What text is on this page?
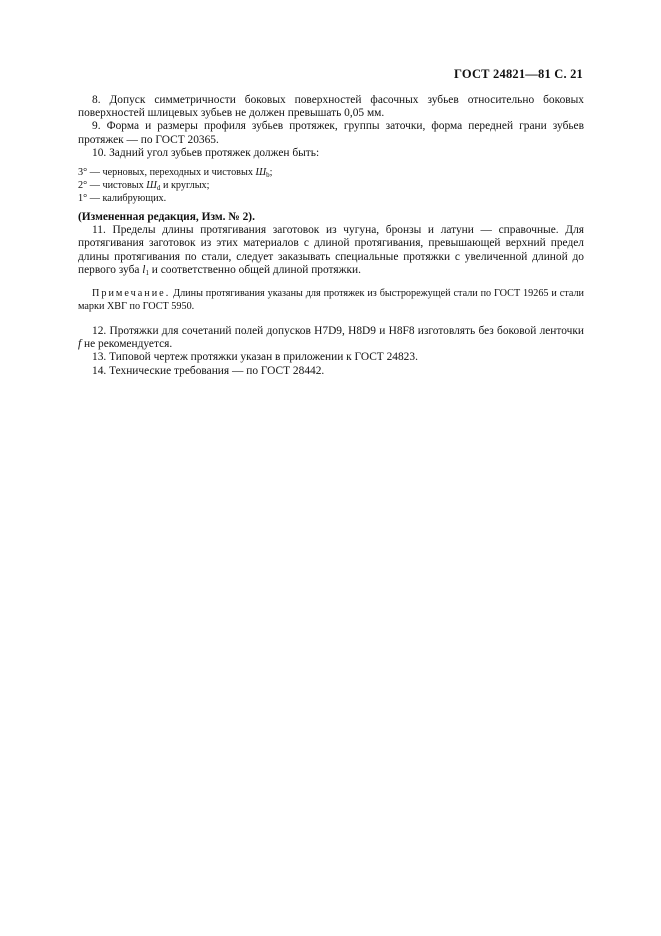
ГОСТ 24821—81 С. 21

8. Допуск симметричности боковых поверхностей фасочных зубьев относительно боковых поверхностей шлицевых зубьев не должен превышать 0,05 мм.

9. Форма и размеры профиля зубьев протяжек, группы заточки, форма передней грани зубьев протяжек — по ГОСТ 20365.

10. Задний угол зубьев протяжек должен быть:

3° — черновых, переходных и чистовых $Ш_b$;

2° — чистовых $Ш_d$ и круглых;

1° — калибрующих.

(Измененная редакция, Изм. № 2).

11. Пределы длины протягивания заготовок из чугуна, бронзы и латуни — справочные. Для протягивания заготовок из этих материалов с длиной протягивания, превышающей верхний предел длины протягивания по стали, следует заказывать специальные протяжки с увеличенной длиной до первого зуба $l_1$ и соответственно общей длиной протяжки.

Примечание. Длины протягивания указаны для протяжек из быстрорежущей стали по ГОСТ 19265 и стали марки ХВГ по ГОСТ 5950.

12. Протяжки для сочетаний полей допусков H7D9, H8D9 и H8F8 изготовлять без боковой ленточки f не рекомендуется.

13. Типовой чертеж протяжки указан в приложении к ГОСТ 24823.

14. Технические требования — по ГОСТ 28442.
